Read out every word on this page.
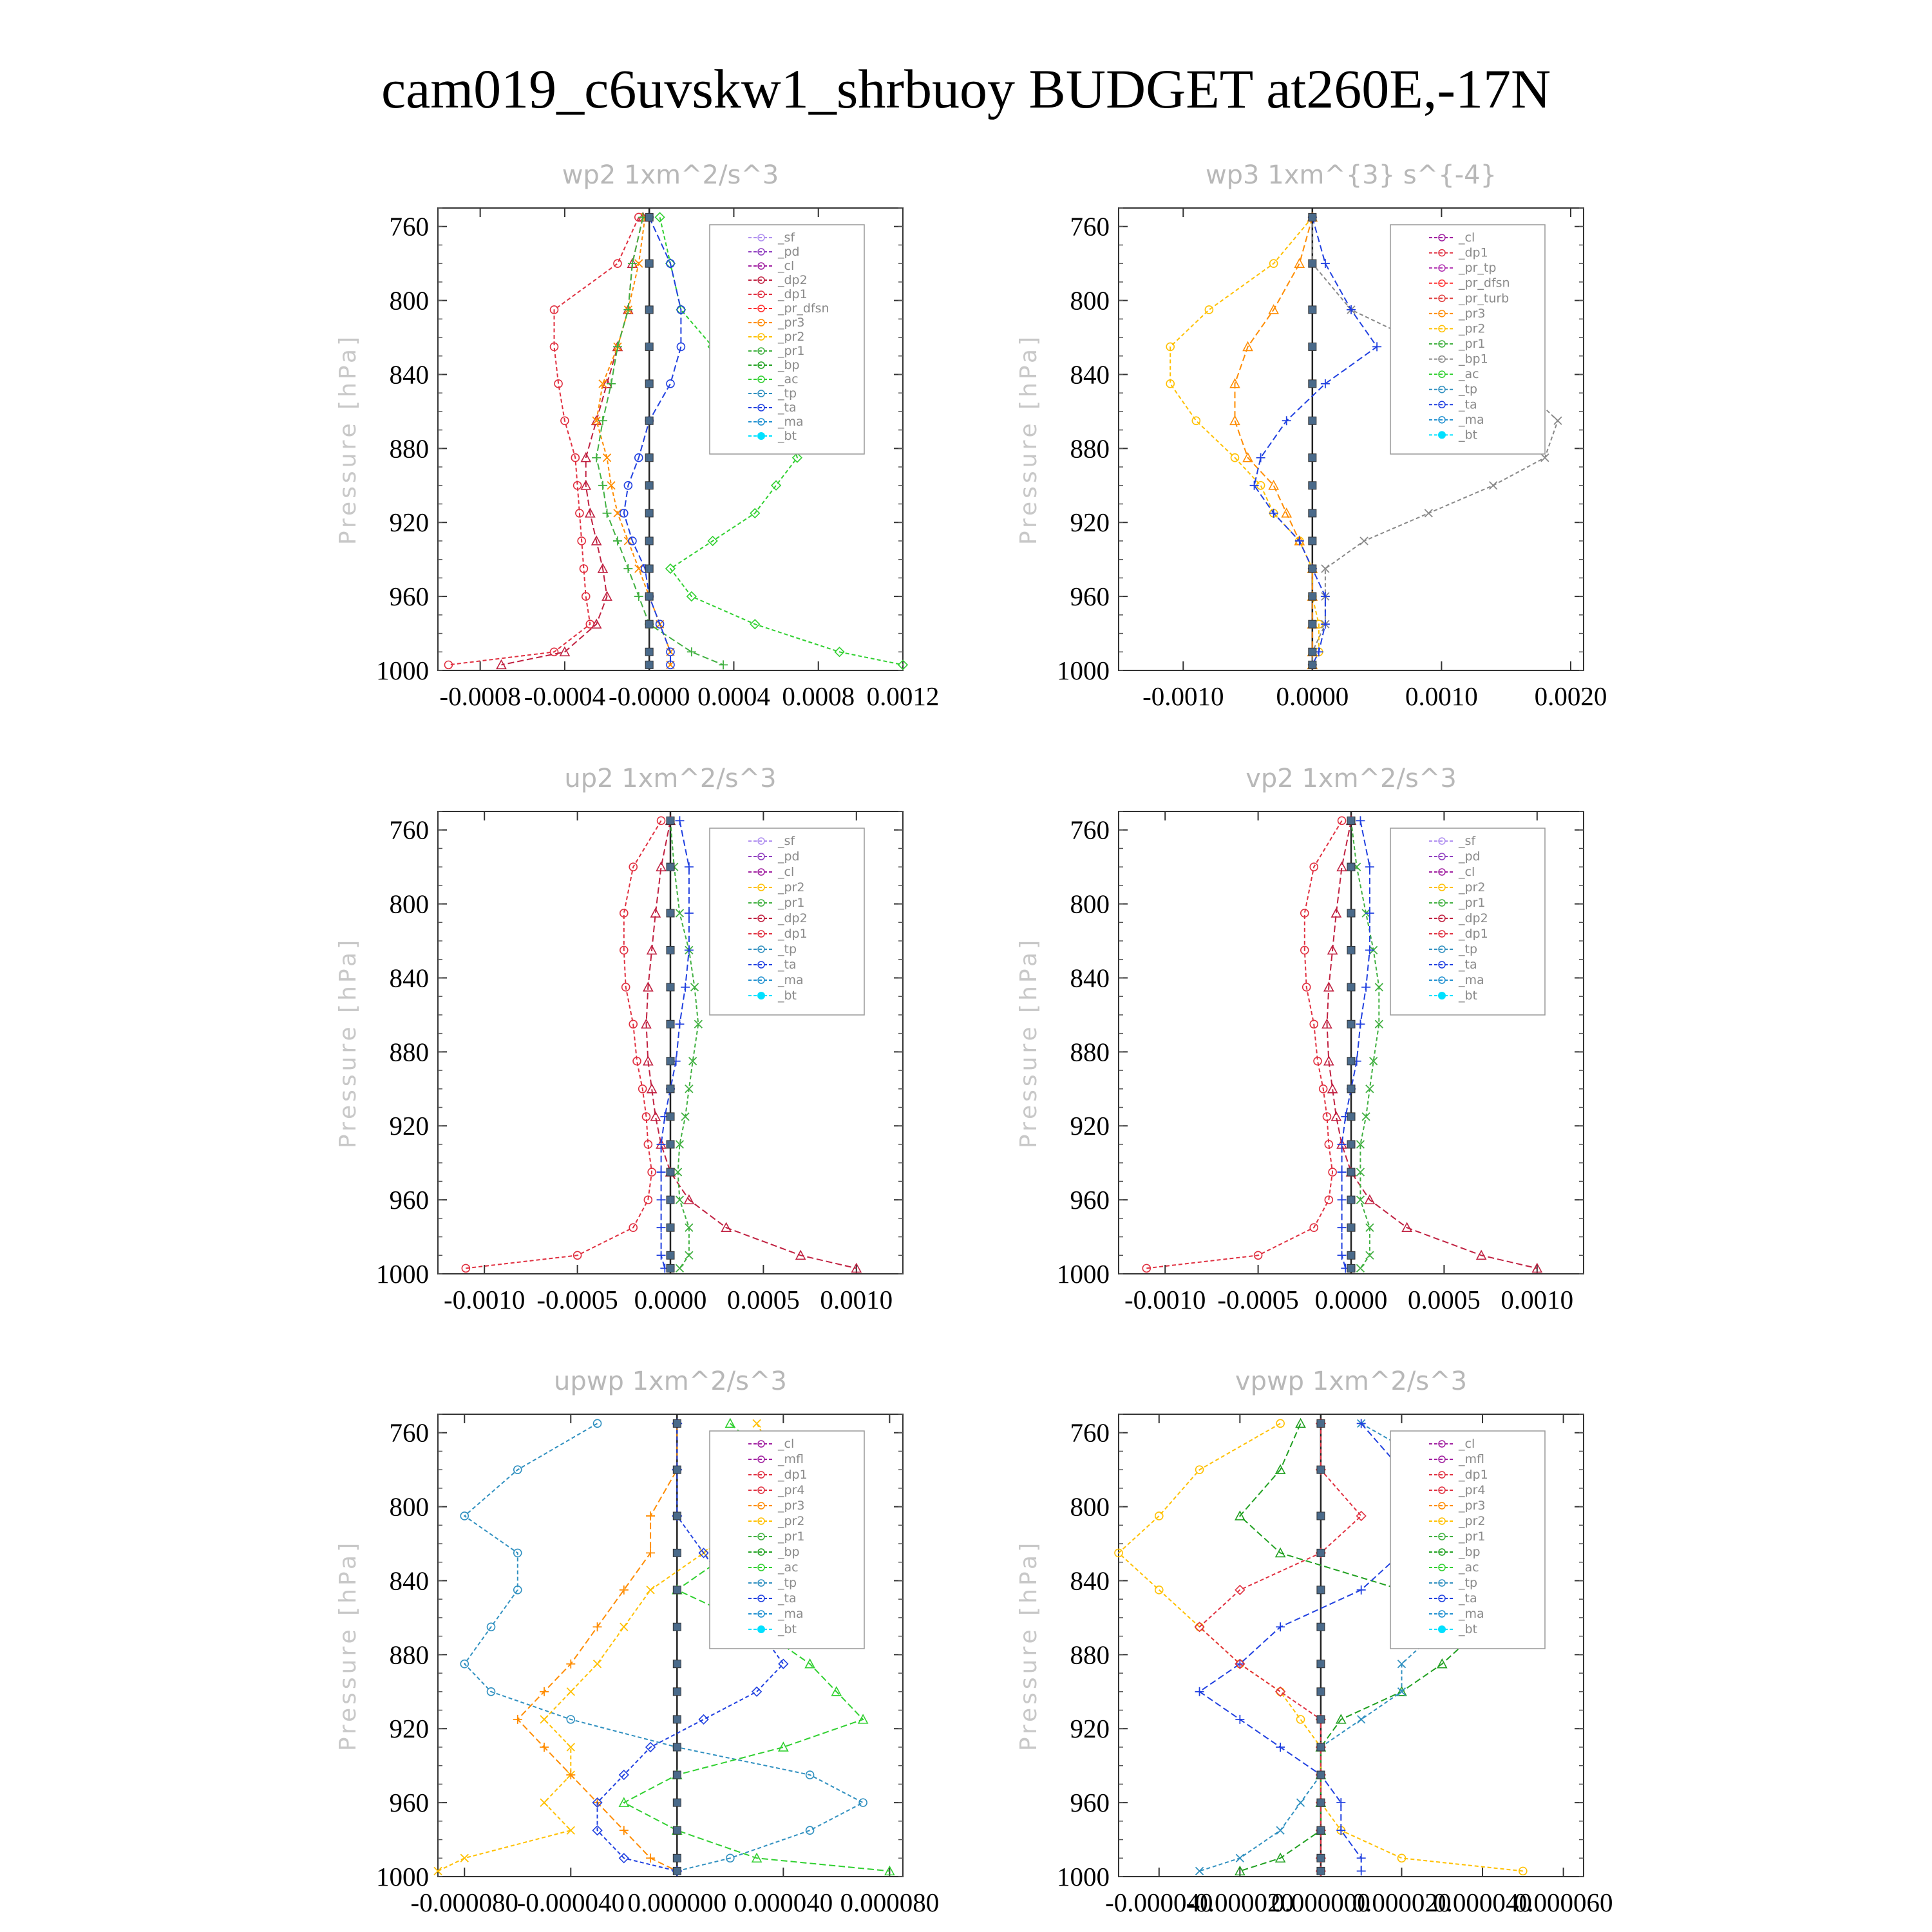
cam019_c6uvskw1_shrbuoy BUDGET at260E,-17N
wp2 1xm^2/s^3
Pressure [hPa]
760
800
840
880
920
960
1000
-0.0008 -0.0004 -0.0000 0.0004 0.0008 0.0012
_sf
_pd
_cl
_dp2
_dp1
_pr_dfsn
_pr3
_pr2
_pr1
_bp
_ac
_tp
_ta
_ma
_bt
wp3 1xm^{3} s^{-4}
Pressure [hPa]
760
800
840
880
920
960
1000
-0.0010 0.0000 0.0010 0.0020
_cl
_dp1
_pr_tp
_pr_dfsn
_pr_turb
_pr3
_pr2
_pr1
_bp1
_ac
_tp
_ta
_ma
_bt
up2 1xm^2/s^3
Pressure [hPa]
760
800
840
880
920
960
1000
-0.0010 -0.0005 0.0000 0.0005 0.0010
_sf
_pd
_cl
_pr2
_pr1
_dp2
_dp1
_tp
_ta
_ma
_bt
vp2 1xm^2/s^3
Pressure [hPa]
760
800
840
880
920
960
1000
-0.0010 -0.0005 0.0000 0.0005 0.0010
_sf
_pd
_cl
_pr2
_pr1
_dp2
_dp1
_tp
_ta
_ma
_bt
upwp 1xm^2/s^3
Pressure [hPa]
760
800
840
880
920
960
1000
-0.000080
-0.000040 0.000000 0.000040 0.000080
_cl
_mfl
_dp1
_pr4
_pr3
_pr2
_pr1
_bp
_ac
_tp
_ta
_ma
_bt
vpwp 1xm^2/s^3
Pressure [hPa]
760
800
840
880
920
960
1000
-0.000040
-0.000020
0.000000
0.000020
0.000040
0.000060
_cl
_mfl
_dp1
_pr4
_pr3
_pr2
_pr1
_bp
_ac
_tp
_ta
_ma
_bt
